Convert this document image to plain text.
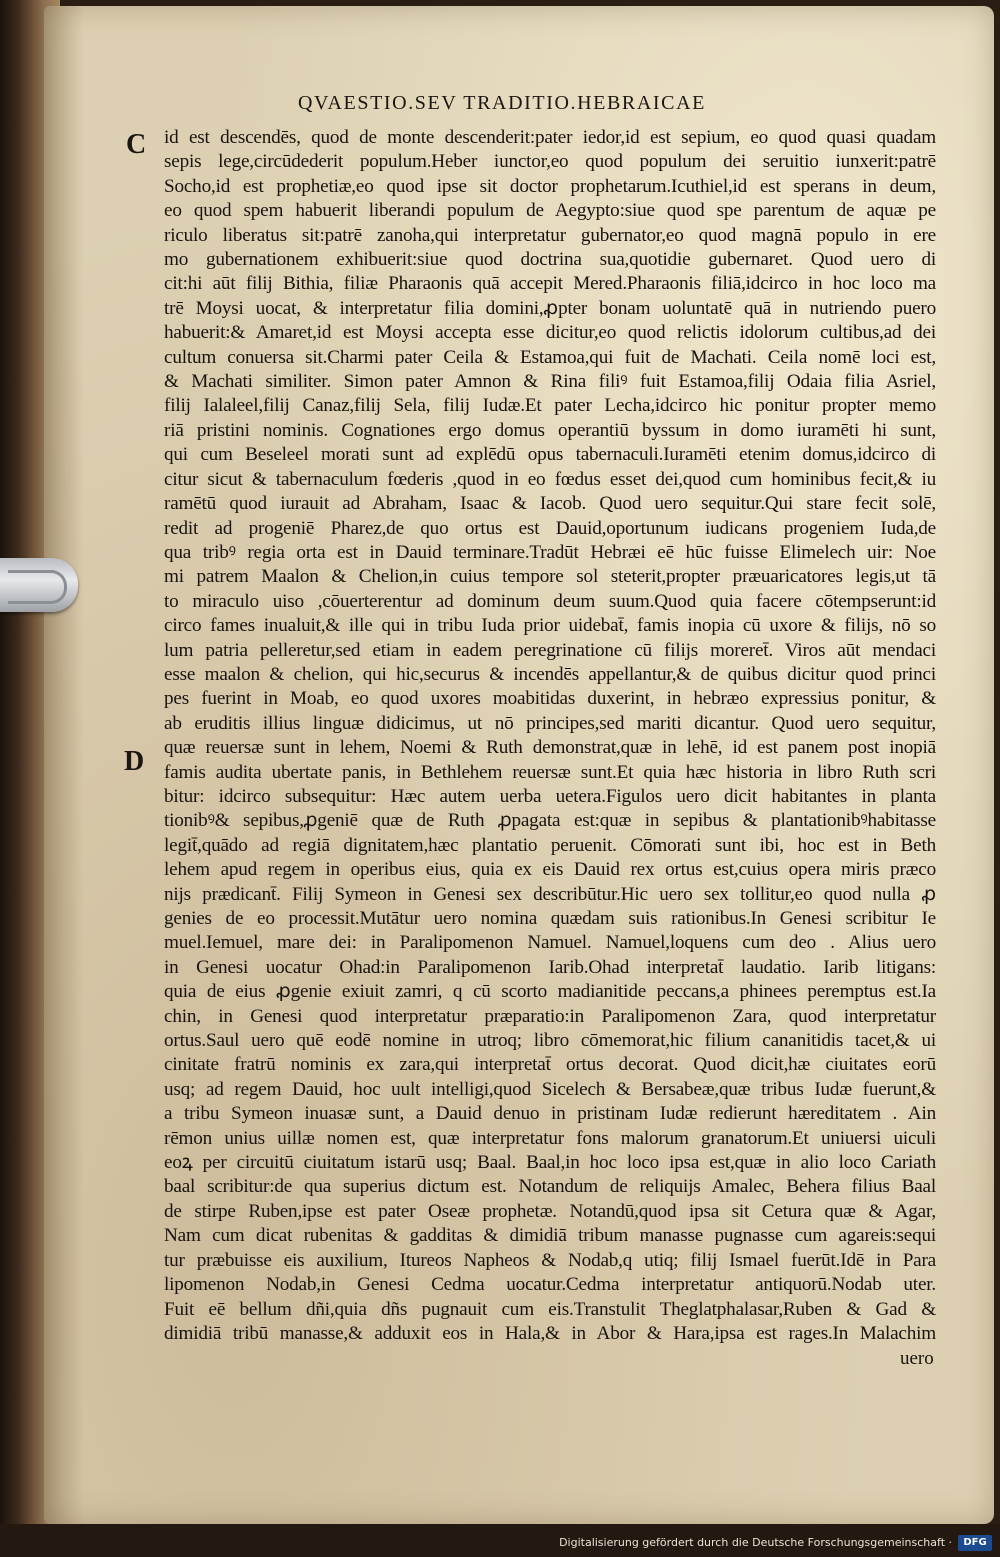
QVAESTIO.SEV TRADITIO.HEBRAICAE
C
D
id est descendēs, quod de monte descenderit:pater iedor,id est sepium, eo quod quasi quadam
sepis lege,circūdederit populum.Heber iunctor,eo quod populum dei seruitio iunxerit:patrē
Socho,id est prophetiæ,eo quod ipse sit doctor prophetarum.Icuthiel,id est sperans in deum,
eo quod spem habuerit liberandi populum de Aegypto:siue quod spe parentum de aquæ pe
riculo liberatus sit:patrē zanoha,qui interpretatur gubernator,eo quod magnā populo in ere
mo gubernationem exhibuerit:siue quod doctrina sua,quotidie gubernaret. Quod uero di
cit:hi aūt filij Bithia, filiæ Pharaonis quā accepit Mered.Pharaonis filiā,idcirco in hoc loco ma
trē Moysi uocat, & interpretatur filia domini,ꝓpter bonam uoluntatē quā in nutriendo puero
habuerit:& Amaret,id est Moysi accepta esse dicitur,eo quod relictis idolorum cultibus,ad dei
cultum conuersa sit.Charmi pater Ceila & Estamoa,qui fuit de Machati. Ceila nomē loci est,
& Machati similiter. Simon pater Amnon & Rina filiꝰ fuit Estamoa,filij Odaia filia Asriel,
filij Ialaleel,filij Canaz,filij Sela, filij Iudæ.Et pater Lecha,idcirco hic ponitur propter memo
riā pristini nominis. Cognationes ergo domus operantiū byssum in domo iuramēti hi sunt,
qui cum Beseleel morati sunt ad explēdū opus tabernaculi.Iuramēti etenim domus,idcirco di
citur sicut & tabernaculum fœderis ,quod in eo fœdus esset dei,quod cum hominibus fecit,& iu
ramētū quod iurauit ad Abraham, Isaac & Iacob. Quod uero sequitur.Qui stare fecit solē,
redit ad progeniē Pharez,de quo ortus est Dauid,oportunum iudicans progeniem Iuda,de
qua tribꝰ regia orta est in Dauid terminare.Tradūt Hebræi eē hūc fuisse Elimelech uir: Noe
mi patrem Maalon & Chelion,in cuius tempore sol steterit,propter præuaricatores legis,ut tā
to miraculo uiso ,cōuerterentur ad dominum deum suum.Quod quia facere cōtempserunt:id
circo fames inualuit,& ille qui in tribu Iuda prior uidebat̄, famis inopia cū uxore & filijs, nō so
lum patria pelleretur,sed etiam in eadem peregrinatione cū filijs moreret̄. Viros aūt mendaci
esse maalon & chelion, qui hic,securus & incendēs appellantur,& de quibus dicitur quod princi
pes fuerint in Moab, eo quod uxores moabitidas duxerint, in hebræo expressius ponitur, &
ab eruditis illius linguæ didicimus, ut nō principes,sed mariti dicantur. Quod uero sequitur,
quæ reuersæ sunt in lehem, Noemi & Ruth demonstrat,quæ in lehē, id est panem post inopiā
famis audita ubertate panis, in Bethlehem reuersæ sunt.Et quia hæc historia in libro Ruth scri
bitur: idcirco subsequitur: Hæc autem uerba uetera.Figulos uero dicit habitantes in planta
tionibꝰ& sepibus,ꝓgeniē quæ de Ruth ꝓpagata est:quæ in sepibus & plantationibꝰhabitasse
legit̄,quādo ad regiā dignitatem,hæc plantatio peruenit. Cōmorati sunt ibi, hoc est in Beth
lehem apud regem in operibus eius, quia ex eis Dauid rex ortus est,cuius opera miris præco
nijs prædicant̄. Filij Symeon in Genesi sex describūtur.Hic uero sex tollitur,eo quod nulla ꝓ
genies de eo processit.Mutātur uero nomina quædam suis rationibus.In Genesi scribitur Ie
muel.Iemuel, mare dei: in Paralipomenon Namuel. Namuel,loquens cum deo . Alius uero
in Genesi uocatur Ohad:in Paralipomenon Iarib.Ohad interpretat̄ laudatio. Iarib litigans:
quia de eius ꝓgenie exiuit zamri, q cū scorto madianitide peccans,a phinees peremptus est.Ia
chin, in Genesi quod interpretatur præparatio:in Paralipomenon Zara, quod interpretatur
ortus.Saul uero quē eodē nomine in utroq; libro cōmemorat,hic filium cananitidis tacet,& ui
cinitate fratrū nominis ex zara,qui interpretat̄ ortus decorat. Quod dicit,hæ ciuitates eorū
usq; ad regem Dauid, hoc uult intelligi,quod Sicelech & Bersabeæ,quæ tribus Iudæ fuerunt,&
a tribu Symeon inuasæ sunt, a Dauid denuo in pristinam Iudæ redierunt hæreditatem . Ain
rēmon unius uillæ nomen est, quæ interpretatur fons malorum granatorum.Et uniuersi uiculi
eoꝝ per circuitū ciuitatum istarū usq; Baal. Baal,in hoc loco ipsa est,quæ in alio loco Cariath
baal scribitur:de qua superius dictum est. Notandum de reliquijs Amalec, Behera filius Baal
de stirpe Ruben,ipse est pater Oseæ prophetæ. Notandū,quod ipsa sit Cetura quæ & Agar,
Nam cum dicat rubenitas & gadditas & dimidiā tribum manasse pugnasse cum agareis:sequi
tur præbuisse eis auxilium, Itureos Napheos & Nodab,q utiq; filij Ismael fuerūt.Idē in Para
lipomenon Nodab,in Genesi Cedma uocatur.Cedma interpretatur antiquorū.Nodab uter.
Fuit eē bellum dñi,quia dñs pugnauit cum eis.Transtulit Theglatphalasar,Ruben & Gad &
dimidiā tribū manasse,& adduxit eos in Hala,& in Abor & Hara,ipsa est rages.In Malachim
uero
Digitalisierung gefördert durch die Deutsche Forschungsgemeinschaft ·	DFG
